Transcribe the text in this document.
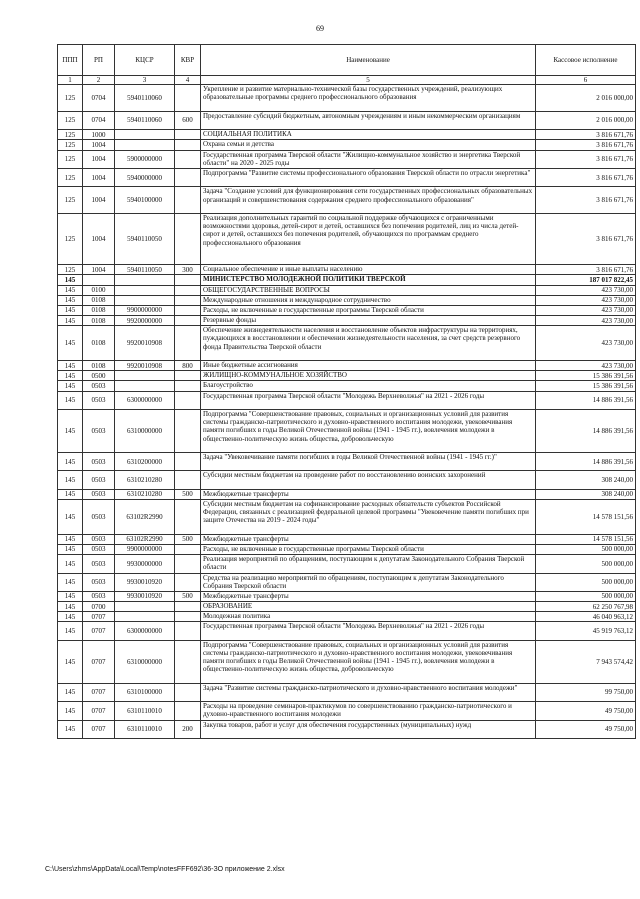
69
ППП	РП	КЦСР	КВР	Наименование	Кассовое исполнение
1	2	3	4	5	6
125	0704	5940110060		Укрепление и развитие материально-технической базы государственных учреждений, реализующих образовательные программы среднего профессионального образования	2 016 000,00
125	0704	5940110060	600	Предоставление субсидий бюджетным, автономным учреждениям и иным некоммерческим организациям	2 016 000,00
125	1000			СОЦИАЛЬНАЯ ПОЛИТИКА	3 816 671,76
125	1004			Охрана семьи и детства	3 816 671,76
125	1004	5900000000		Государственная программа Тверской области "Жилищно-коммунальное хозяйство и энергетика Тверской области" на 2020 - 2025 годы	3 816 671,76
125	1004	5940000000		Подпрограмма "Развитие системы профессионального образования Тверской области по отрасли энергетика"	3 816 671,76
125	1004	5940100000		Задача "Создание условий для функционирования сети государственных профессиональных образовательных организаций и совершенствования содержания среднего профессионального образования"	3 816 671,76
125	1004	5940110050		Реализация дополнительных гарантий по социальной поддержке обучающихся с ограниченными возможностями здоровья, детей-сирот и детей, оставшихся без попечения родителей, лиц из числа детей-сирот и детей, оставшихся без попечения родителей, обучающихся по программам среднего профессионального образования	3 816 671,76
125	1004	5940110050	300	Социальное обеспечение и иные выплаты населению	3 816 671,76
145				МИНИСТЕРСТВО МОЛОДЕЖНОЙ ПОЛИТИКИ ТВЕРСКОЙ	187 017 822,45
145	0100			ОБЩЕГОСУДАРСТВЕННЫЕ ВОПРОСЫ	423 730,00
145	0108			Международные отношения и международное сотрудничество	423 730,00
145	0108	9900000000		Расходы, не включенные в государственные программы Тверской области	423 730,00
145	0108	9920000000		Резервные фонды	423 730,00
145	0108	9920010908		Обеспечение жизнедеятельности населения и восстановление объектов инфраструктуры на территориях, пуждающихся в восстановлении и обеспечении жизнедеятельности населения, за счет средств резервного фонда Правительства Тверской области	423 730,00
145	0108	9920010908	800	Иные бюджетные ассигнования	423 730,00
145	0500			ЖИЛИЩНО-КОММУНАЛЬНОЕ ХОЗЯЙСТВО	15 386 391,56
145	0503			Благоустройство	15 386 391,56
145	0503	6300000000		Государственная программа Тверской области "Молодежь Верхневолжья" на 2021 - 2026 годы	14 886 391,56
145	0503	6310000000		Подпрограмма "Совершенствование правовых, социальных и организационных условий для развития системы гражданско-патриотического и духовно-нравственного воспитания молодежи, увековечивания памяти погибших в годы Великой Отечественной войны (1941 - 1945 гг.), вовлечения молодежи в общественно-политическую жизнь общества, добровольческую	14 886 391,56
145	0503	6310200000		Задача "Увековечивание памяти погибших в годы Великой Отечественной войны (1941 - 1945 гг.)"	14 886 391,56
145	0503	6310210280		Субсидии местным бюджетам на проведение работ по восстановлению воинских захоронений	308 240,00
145	0503	6310210280	500	Межбюджетные трансферты	308 240,00
145	0503	63102R2990		Субсидии местным бюджетам на софинансирование расходных обязательств субъектов Российской Федерации, связанных с реализацией федеральной целевой программы "Увековечение памяти погибших при защите Отечества на 2019 - 2024 годы"	14 578 151,56
145	0503	63102R2990	500	Межбюджетные трансферты	14 578 151,56
145	0503	9900000000		Расходы, не включенные в государственные программы Тверской области	500 000,00
145	0503	9930000000		Реализация мероприятий по обращениям, поступающим к депутатам Законодательного Собрания Тверской области	500 000,00
145	0503	9930010920		Средства на реализацию мероприятий по обращениям, поступающим к депутатам Законодательного Собрания Тверской области	500 000,00
145	0503	9930010920	500	Межбюджетные трансферты	500 000,00
145	0700			ОБРАЗОВАНИЕ	62 250 767,98
145	0707			Молодежная политика	46 040 963,12
145	0707	6300000000		Государственная программа Тверской области "Молодежь Верхневолжья" на 2021 - 2026 годы	45 919 763,12
145	0707	6310000000		Подпрограмма "Совершенствование правовых, социальных и организационных условий для развития системы гражданско-патриотического и духовно-нравственного воспитания молодежи, увековечивания памяти погибших в годы Великой Отечественной войны (1941 - 1945 гг.), вовлечения молодежи в общественно-политическую жизнь общества, добровольческую	7 943 574,42
145	0707	6310100000		Задача "Развитие системы гражданско-патриотического и духовно-нравственного воспитания молодежи"	99 750,00
145	0707	6310110010		Расходы на проведение семинаров-практикумов по совершенствованию гражданско-патриотического и духовно-нравственного воспитания молодежи	49 750,00
145	0707	6310110010	200	Закупка товаров, работ и услуг для обеспечения государственных (муниципальных) нужд	49 750,00
C:\Users\zhms\AppData\Local\Temp\notesFFF692\36-ЗО приложение 2.xlsx
